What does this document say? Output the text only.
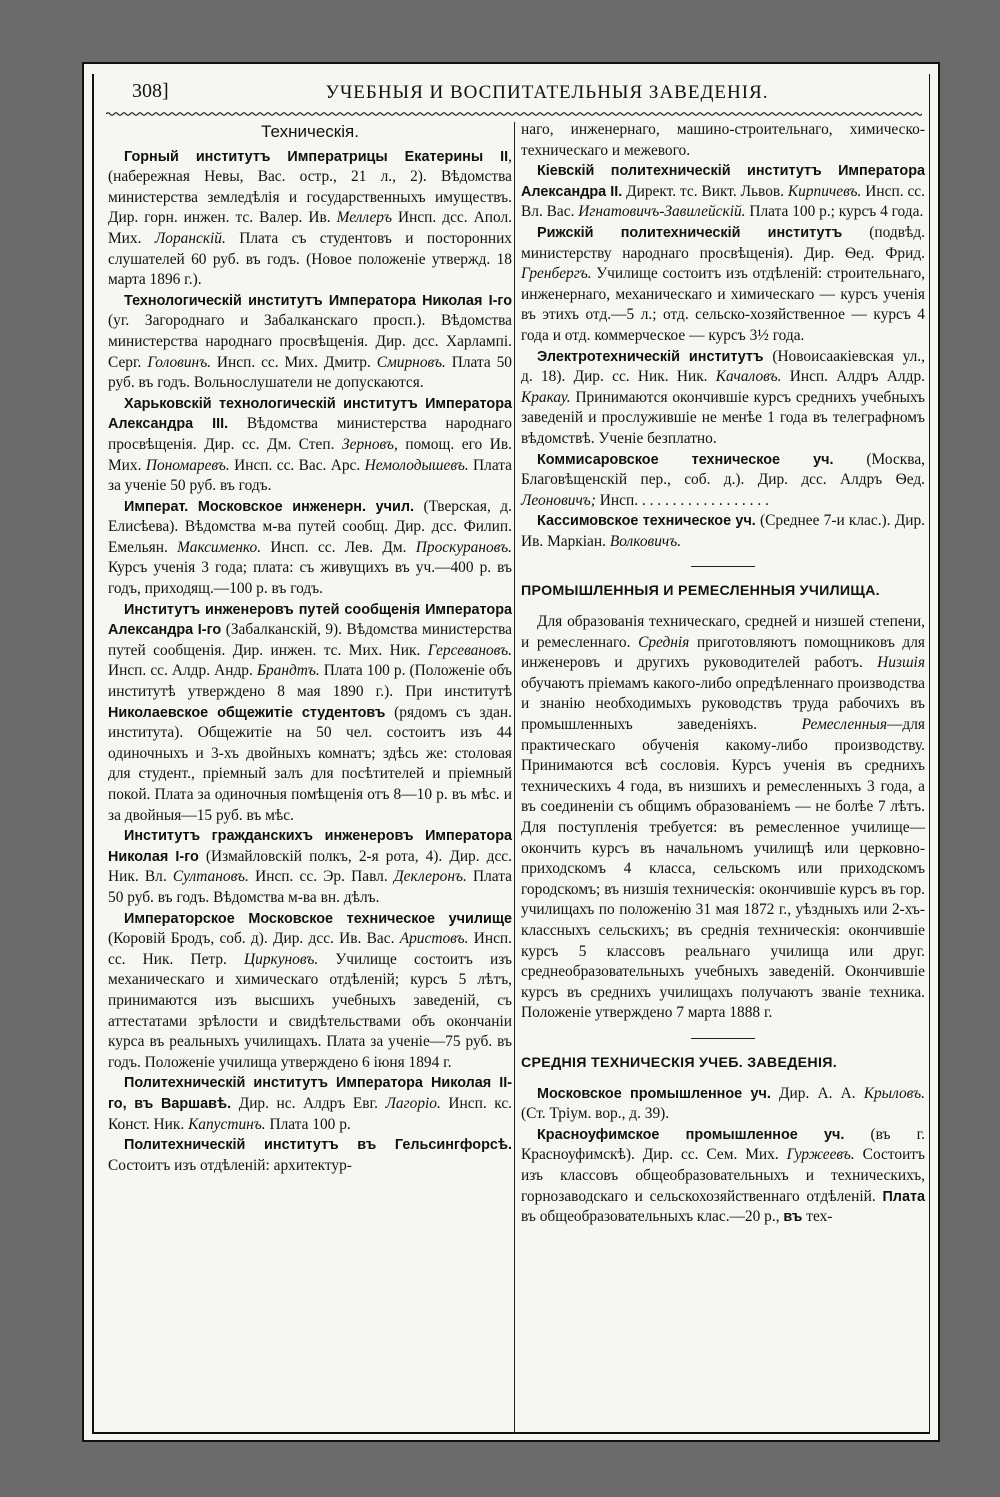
308]	УЧЕБНЫЯ И ВОСПИТАТЕЛЬНЫЯ ЗАВЕДЕНІЯ.
Техническія.

Горный институтъ Императрицы Екатерины II, (набережная Невы, Вас. остр., 21 л., 2). Вѣдомства министерства земледѣлія и государственныхъ имуществъ. Дир. горн. инжен. тс. Валер. Ив. Меллеръ Инсп. дсс. Апол. Мих. Лоранскій. Плата съ студентовъ и посторонних слушателей 60 руб. въ годъ. (Новое положеніе утвержд. 18 марта 1896 г.).

Технологическій институтъ Императора Николая I-го (уг. Загороднаго и Забалканскаго просп.). Вѣдомства министерства народнаго просвѣщенія. Дир. дсс. Харлампі. Серг. Головинъ. Инсп. сс. Мих. Дмитр. Смирновъ. Плата 50 руб. въ годъ. Вольнослушатели не допускаются.

Харьковскій технологическій институтъ Императора Александра III. Вѣдомства министерства народнаго просвѣщенія. Дир. сс. Дм. Степ. Зерновъ, помощ. его Ив. Мих. Пономаревъ. Инсп. сс. Вас. Арс. Немолодышевъ. Плата за ученіе 50 руб. въ годъ.

Императ. Московское инженерн. учил. (Тверская, д. Елисѣева). Вѣдомства м-ва путей сообщ. Дир. дсс. Филип. Емельян. Максименко. Инсп. сс. Лев. Дм. Проскурановъ. Курсъ ученія 3 года; плата: съ живущихъ въ уч.—400 р. въ годъ, приходящ.—100 р. въ годъ.

Институтъ инженеровъ путей сообщенія Императора Александра I-го (Забалканскій, 9). Вѣдомства министерства путей сообщенія. Дир. инжен. тс. Мих. Ник. Герсевановъ. Инсп. сс. Алдр. Андр. Брандтъ. Плата 100 р. (Положеніе объ институтѣ утверждено 8 мая 1890 г.). При институтѣ Николаевское общежитіе студентовъ (рядомъ съ здан. института). Общежитіе на 50 чел. состоитъ изъ 44 одиночныхъ и 3-хъ двойныхъ комнатъ; здѣсь же: столовая для студент., пріемный залъ для посѣтителей и пріемный покой. Плата за одиночныя помѣщенія отъ 8—10 р. въ мѣс. и за двойныя—15 руб. въ мѣс.

Институтъ гражданскихъ инженеровъ Императора Николая I-го (Измайловскій полкъ, 2-я рота, 4). Дир. дсс. Ник. Вл. Султановъ. Инсп. сс. Эр. Павл. Деклеронъ. Плата 50 руб. въ годъ. Вѣдомства м-ва вн. дѣлъ.

Императорское Московское техническое училище (Коровій Бродъ, соб. д). Дир. дсс. Ив. Вас. Аристовъ. Инсп. сс. Ник. Петр. Циркуновъ. Училище состоитъ изъ механическаго и химическаго отдѣленій; курсъ 5 лѣтъ, принимаются изъ высшихъ учебныхъ заведеній, съ аттестатами зрѣлости и свидѣтельствами объ окончаніи курса въ реальныхъ училищахъ. Плата за ученіе—75 руб. въ годъ. Положеніе училища утверждено 6 іюня 1894 г.

Политехническій институтъ Императора Николая II-го, въ Варшавѣ. Дир. нс. Алдръ Евг. Лагоріо. Инсп. кс. Конст. Ник. Капустинъ. Плата 100 р.

Политехническій институтъ въ Гельсингфорсѣ. Состоитъ изъ отдѣленій: архитектур-

наго, инженернаго, машино-строительнаго, химическо-техническаго и межевого.

Кіевскій политехническій институтъ Императора Александра II. Директ. тс. Викт. Львов. Кирпичевъ. Инсп. сс. Вл. Вас. Игнатовичъ-Завилейскій. Плата 100 р.; курсъ 4 года.

Рижскій политехническій институтъ (подвѣд. министерству народнаго просвѣщенія). Дир. Ѳед. Фрид. Гренбергъ. Училище состоитъ изъ отдѣленій: строительнаго, инженернаго, механическаго и химическаго — курсъ ученія въ этихъ отд.—5 л.; отд. сельско-хозяйственное — курсъ 4 года и отд. коммерческое — курсъ 3½ года.

Электротехническій институтъ (Новоисаакіевская ул., д. 18). Дир. сс. Ник. Ник. Качаловъ. Инсп. Алдръ Алдр. Кракау. Принимаются окончившіе курсъ среднихъ учебныхъ заведеній и прослужившіе не менѣе 1 года въ телеграфномъ вѣдомствѣ. Ученіе безплатно.

Коммисаровское техническое уч. (Москва, Благовѣщенскій пер., соб. д.). Дир. дсс. Алдръ Ѳед. Леоновичъ; Инсп. . . . . . . . . . . . . . . . . .

Кассимовское техническое уч. (Среднее 7-и клас.). Дир. Ив. Маркіан. Волковичъ.

ПРОМЫШЛЕННЫЯ И РЕМЕСЛЕННЫЯ УЧИЛИЩА.

Для образованія техническаго, средней и низшей степени, и ремесленнаго. Среднія приготовляютъ помощниковъ для инженеровъ и другихъ руководителей работъ. Низшія обучаютъ пріемамъ какого-либо опредѣленнаго производства и знанію необходимыхъ руководствъ труда рабочихъ въ промышленныхъ заведеніяхъ. Ремесленныя—для практическаго обученія какому-либо производству. Принимаются всѣ сословія. Курсъ ученія въ среднихъ техническихъ 4 года, въ низшихъ и ремесленныхъ 3 года, а въ соединеніи съ общимъ образованіемъ — не болѣе 7 лѣтъ. Для поступленія требуется: въ ремесленное училище—окончить курсъ въ начальномъ училищѣ или церковно-приходскомъ 4 класса, сельскомъ или приходскомъ городскомъ; въ низшія техническія: окончившіе курсъ въ гор. училищахъ по положенію 31 мая 1872 г., уѣздныхъ или 2-хъ-классныхъ сельскихъ; въ среднія техническія: окончившіе курсъ 5 классовъ реальнаго училища или друг. среднеобразовательныхъ учебныхъ заведеній. Окончившіе курсъ въ среднихъ училищахъ получаютъ званіе техника. Положеніе утверждено 7 марта 1888 г.

СРЕДНІЯ ТЕХНИЧЕСКІЯ УЧЕБ. ЗАВЕДЕНІЯ.

Московское промышленное уч. Дир. А. А. Крыловъ. (Ст. Тріум. вор., д. 39).

Красноуфимское промышленное уч. (въ г. Красноуфимскѣ). Дир. сс. Сем. Мих. Гуржеевъ. Состоитъ изъ классовъ общеобразовательныхъ и техническихъ, горнозаводскаго и сельскохозяйственнаго отдѣленій. Плата въ общеобразовательныхъ клас.—20 р., въ тех-
